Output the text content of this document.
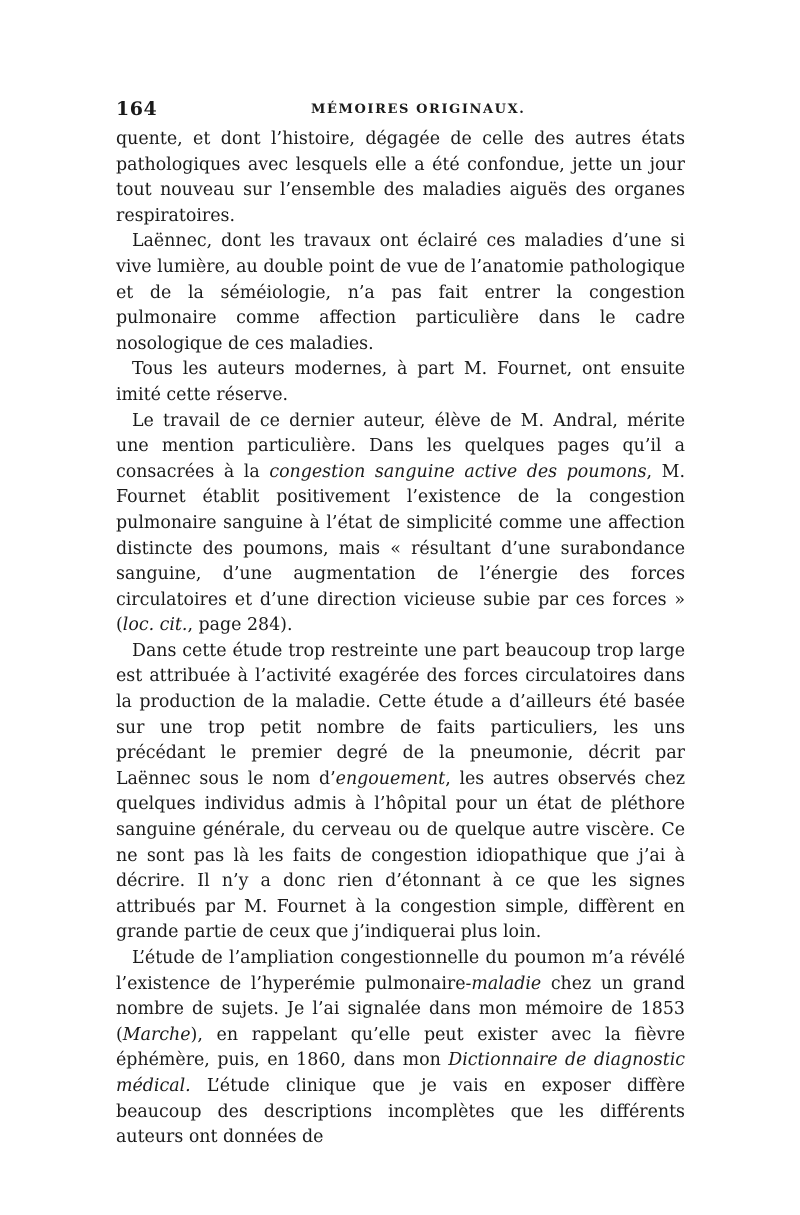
164	MÉMOIRES ORIGINAUX.

quente, et dont l’histoire, dégagée de celle des autres états pathologiques avec lesquels elle a été confondue, jette un jour tout nouveau sur l’ensemble des maladies aiguës des organes respiratoires.

Laënnec, dont les travaux ont éclairé ces maladies d’une si vive lumière, au double point de vue de l’anatomie pathologique et de la séméiologie, n’a pas fait entrer la congestion pulmonaire comme affection particulière dans le cadre nosologique de ces maladies.

Tous les auteurs modernes, à part M. Fournet, ont ensuite imité cette réserve.

Le travail de ce dernier auteur, élève de M. Andral, mérite une mention particulière. Dans les quelques pages qu’il a consacrées à la congestion sanguine active des poumons, M. Fournet établit positivement l’existence de la congestion pulmonaire sanguine à l’état de simplicité comme une affection distincte des poumons, mais « résultant d’une surabondance sanguine, d’une augmentation de l’énergie des forces circulatoires et d’une direction vicieuse subie par ces forces » (loc. cit., page 284).

Dans cette étude trop restreinte une part beaucoup trop large est attribuée à l’activité exagérée des forces circulatoires dans la production de la maladie. Cette étude a d’ailleurs été basée sur une trop petit nombre de faits particuliers, les uns précédant le premier degré de la pneumonie, décrit par Laënnec sous le nom d’engouement, les autres observés chez quelques individus admis à l’hôpital pour un état de pléthore sanguine générale, du cerveau ou de quelque autre viscère. Ce ne sont pas là les faits de congestion idiopathique que j’ai à décrire. Il n’y a donc rien d’étonnant à ce que les signes attribués par M. Fournet à la congestion simple, diffèrent en grande partie de ceux que j’indiquerai plus loin.

L’étude de l’ampliation congestionnelle du poumon m’a révélé l’existence de l’hyperémie pulmonaire-maladie chez un grand nombre de sujets. Je l’ai signalée dans mon mémoire de 1853 (Marche), en rappelant qu’elle peut exister avec la fièvre éphémère, puis, en 1860, dans mon Dictionnaire de diagnostic médical. L’étude clinique que je vais en exposer diffère beaucoup des descriptions incomplètes que les différents auteurs ont données de
